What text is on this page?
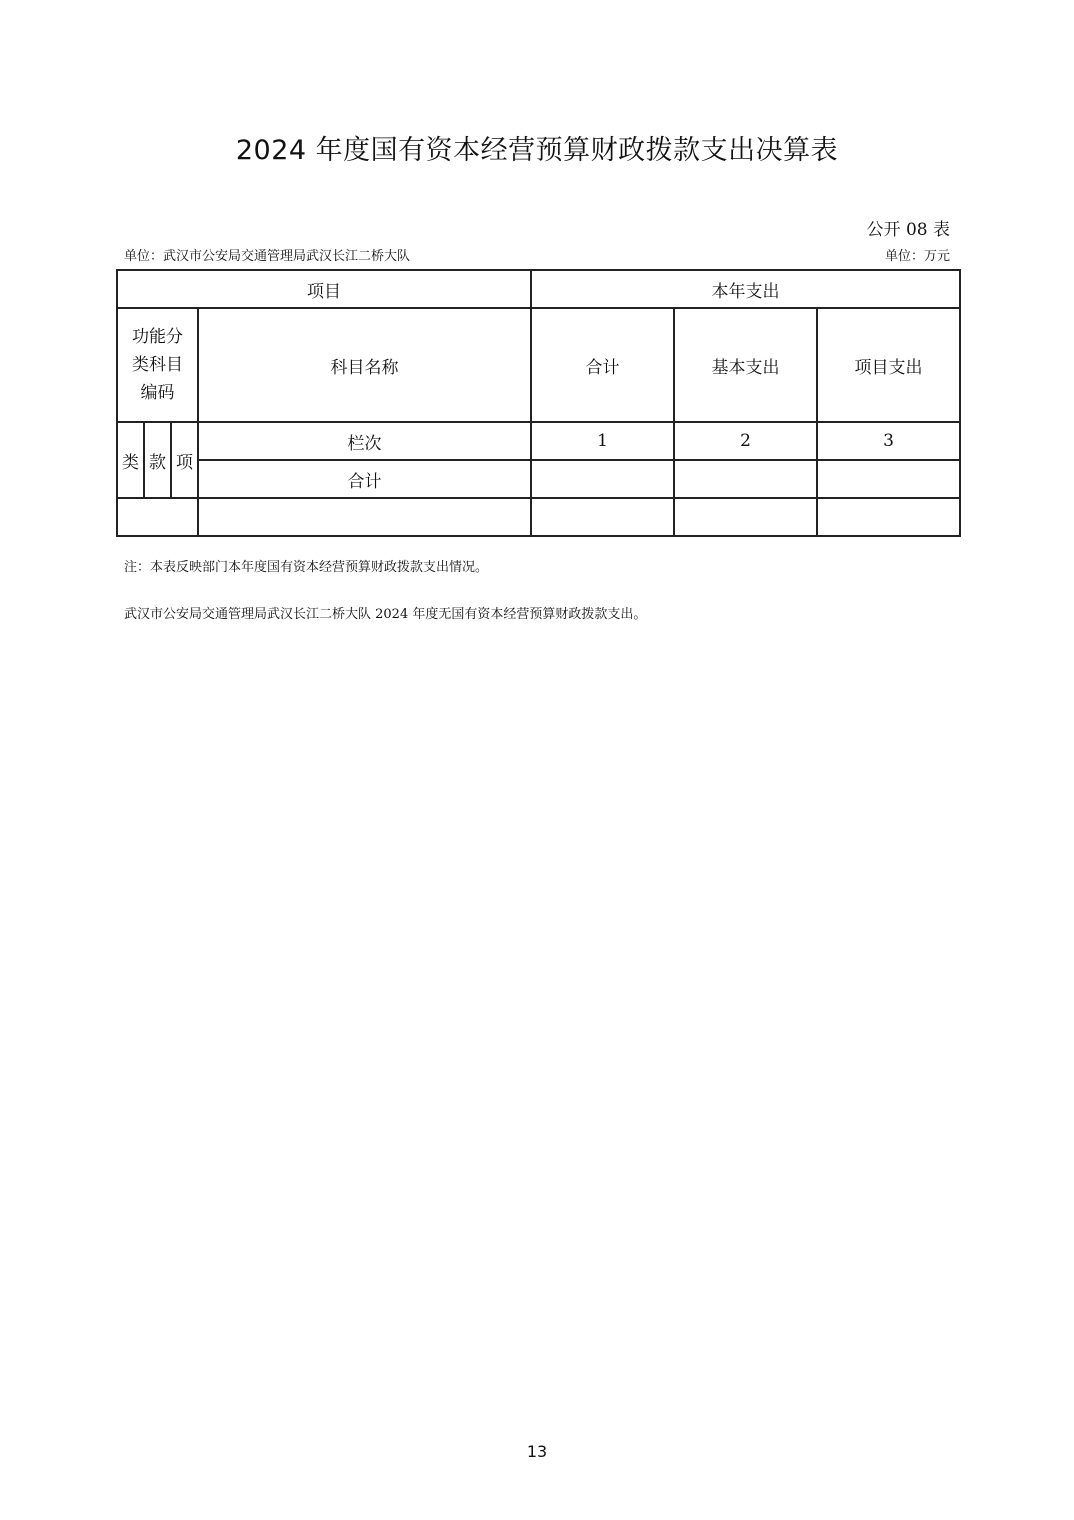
2024 年度国有资本经营预算财政拨款支出决算表
公开 08 表
单位：武汉市公安局交通管理局武汉长江二桥大队	单位：万元
项目				本年支出		
功能分
类科目
编码			科目名称	合计	基本支出	项目支出
类	款	项	栏次	1	2	3
			合计			

注：本表反映部门本年度国有资本经营预算财政拨款支出情况。
武汉市公安局交通管理局武汉长江二桥大队 2024 年度无国有资本经营预算财政拨款支出。
13
